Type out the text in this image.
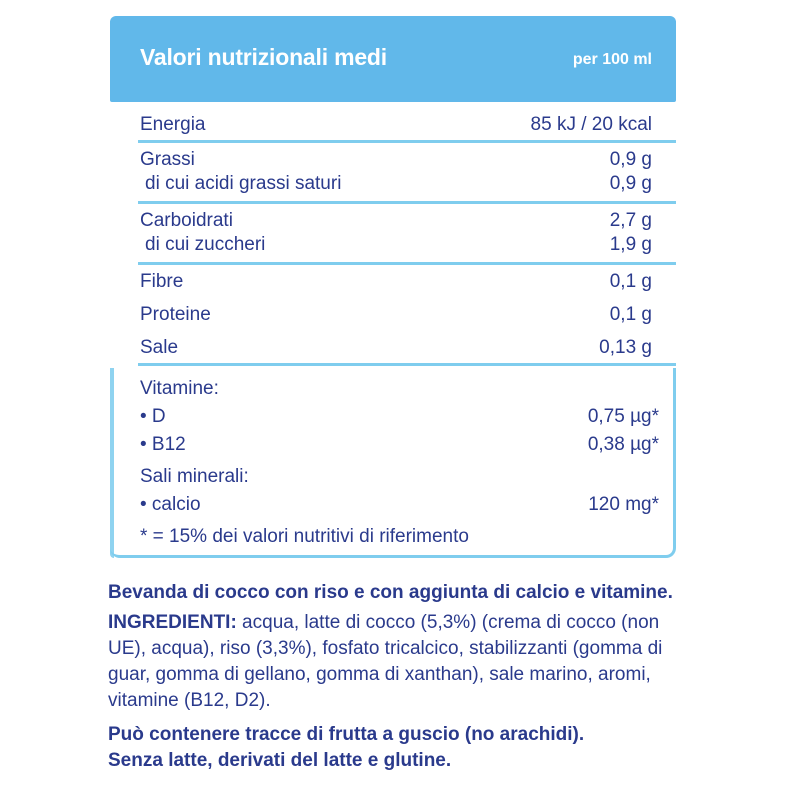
Valori nutrizionali medi	per 100 ml
Energia	85 kJ / 20 kcal
Grassi	0,9 g
di cui acidi grassi saturi	0,9 g
Carboidrati	2,7 g
di cui zuccheri	1,9 g
Fibre	0,1 g
Proteine	0,1 g
Sale	0,13 g
Vitamine:
• D	0,75 µg*
• B12	0,38 µg*
Sali minerali:
• calcio	120 mg*
* = 15% dei valori nutritivi di riferimento

Bevanda di cocco con riso e con aggiunta di calcio e vitamine.

INGREDIENTI: acqua, latte di cocco (5,3%) (crema di cocco (non UE), acqua), riso (3,3%), fosfato tricalcico, stabilizzanti (gomma di guar, gomma di gellano, gomma di xanthan), sale marino, aromi, vitamine (B12, D2).

Può contenere tracce di frutta a guscio (no arachidi).
Senza latte, derivati del latte e glutine.
